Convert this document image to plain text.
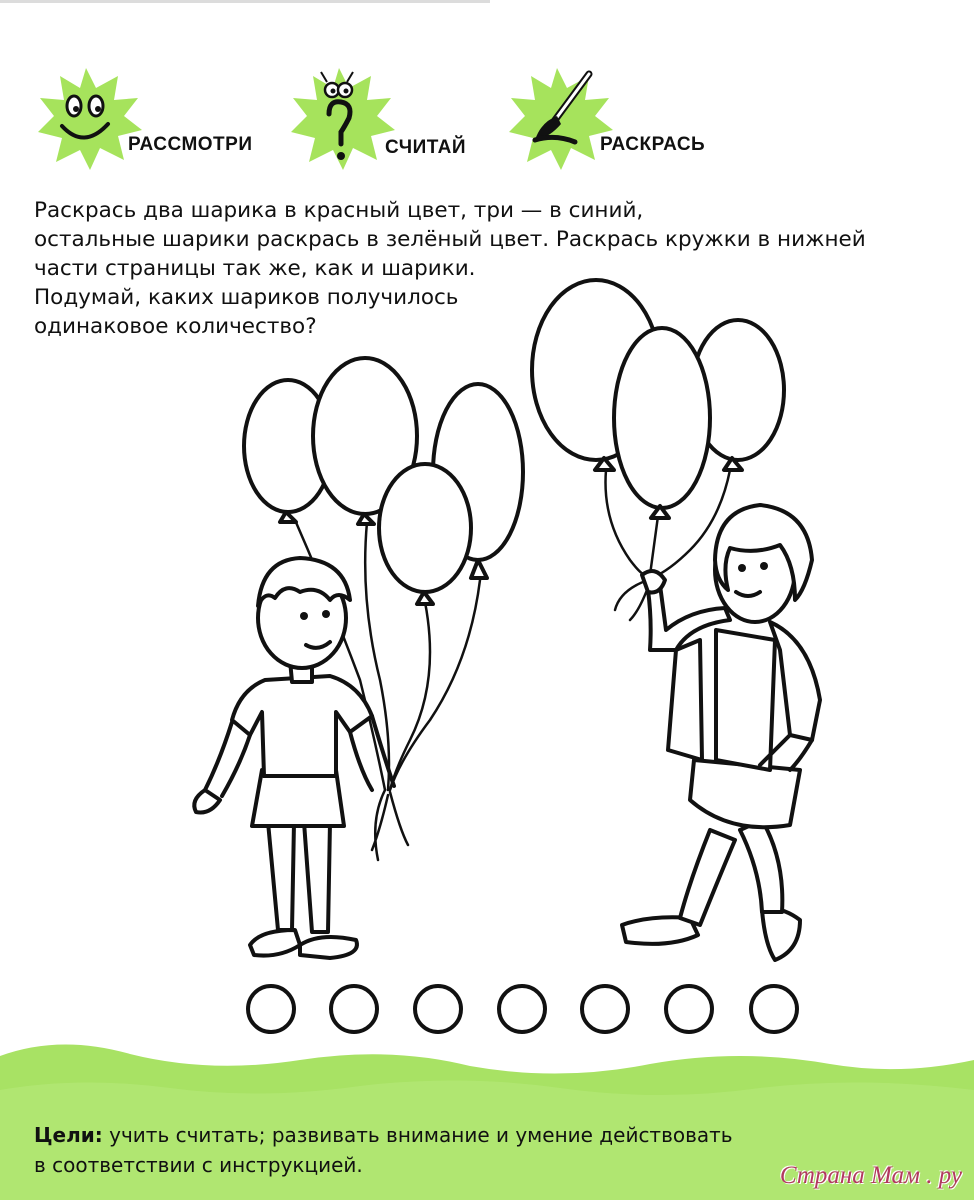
РАССМОТРИ	СЧИТАЙ	РАСКРАСЬ
Раскрась два шарика в красный цвет, три — в синий,
остальные шарики раскрась в зелёный цвет. Раскрась кружки в нижней
части страницы так же, как и шарики.
Подумай, каких шариков получилось
одинаковое количество?
Цели: учить считать; развивать внимание и умение действовать
в соответствии с инструкцией.	Страна Мам . ру
